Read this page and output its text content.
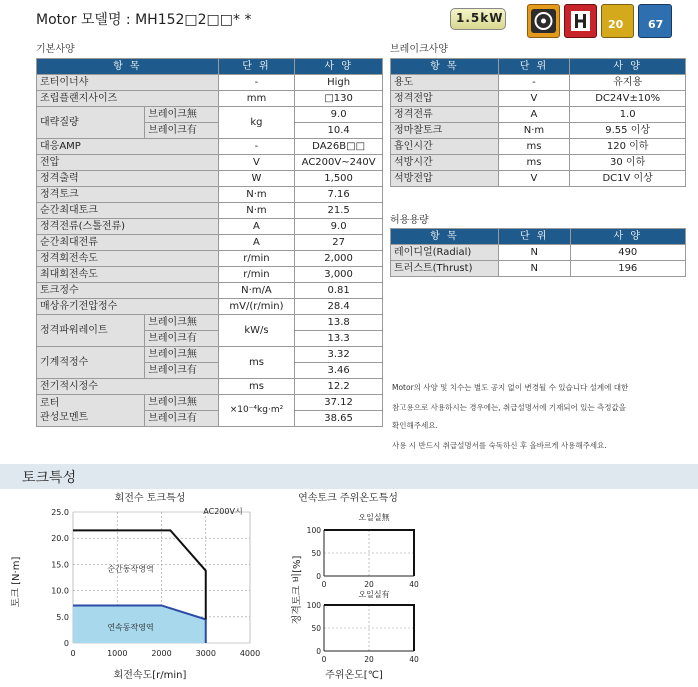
Motor 모델명 : MH152□2□□* *	1.5kW	20 67
기본사양
항 목		단 위	사 양
로터이너샤		-	High
조립플랜지사이즈		mm	□130
대략질량	브레이크無	kg	9.0
	브레이크有		10.4
대응AMP		-	DA26B□□
전압		V	AC200V~240V
정격출력		W	1,500
정격토크		N·m	7.16
순간최대토크		N·m	21.5
정격전류(스톨전류)		A	9.0
순간최대전류		A	27
정격회전속도		r/min	2,000
최대회전속도		r/min	3,000
토크정수		N·m/A	0.81
매상유기전압정수		mV/(r/min)	28.4
정격파워레이트	브레이크無	kW/s	13.8
	브레이크有		13.3
기계적정수	브레이크無	ms	3.32
	브레이크有		3.46
전기적시정수		ms	12.2
로터
관성모멘트	브레이크無	×10⁻⁴kg·m²	37.12
	브레이크有		38.65
브레이크사양
항 목	단 위	사 양
용도	-	유지용
정격전압	V	DC24V±10%
정격전류	A	1.0
정마찰토크	N·m	9.55 이상
흡인시간	ms	120 이하
석방시간	ms	30 이하
석방전압	V	DC1V 이상
허용용량
항 목	단 위	사 양
레이디얼(Radial)	N	490
트러스트(Thrust)	N	196
Motor의 사양 및 치수는 별도 공지 없이 변경될 수 있습니다 설계에 대한
참고용으로 사용하시는 경우에는, 취급설명서에 기재되어 있는 측정값을
확인해주세요.
사용 시 반드시 취급설명서를 숙독하신 후 올바르게 사용해주세요.
토크특성
회전수 토크특성
순간동작영역
연속동작영역
0	1000	2000	3000	4000
0
5.0
10.0
15.0
20.0
25.0	AC200V시
회전속도[r/min]
토크 [N·m]
연속토크 주위온도특성
0	20	40
0
50
100
오일실無
0	20	40
0
50
100
오일실有
주위온도[℃]
정격토크 비[%]
